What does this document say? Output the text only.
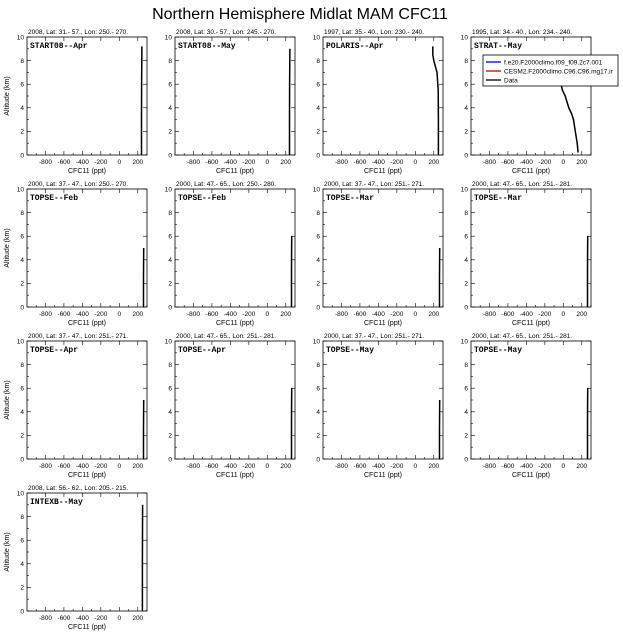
Northern Hemisphere Midlat MAM CFC11
2008, Lat: 31.- 57., Lon: 250.- 270.
-800 -600 -400 -200 0 200
0
2
4
6
8
10
CFC11 (ppt)
Altitude (km)
START08--Apr
2008, Lat: 30.- 57., Lon: 245.- 270.
-800 -600 -400 -200 0 200
0
2
4
6
8
10
CFC11 (ppt)
START08--May
1997, Lat: 35.- 40., Lon: 230.- 240.
-800 -600 -400 -200 0 200
0
2
4
6
8
10
CFC11 (ppt)
POLARIS--Apr
1995, Lat: 34.- 40., Lon: 234.- 240.
-800 -600 -400 -200 0 200
0
2
4
6
8
10
CFC11 (ppt)
STRAT--May
2000, Lat: 37.- 47., Lon: 250.- 270.
-800 -600 -400 -200 0 200
0
2
4
6
8
10
CFC11 (ppt)
Altitude (km)
TOPSE--Feb
2000, Lat: 47.- 65., Lon: 250.- 280.
-800 -600 -400 -200 0 200
0
2
4
6
8
10
CFC11 (ppt)
TOPSE--Feb
2000, Lat: 37.- 47., Lon: 251.- 271.
-800 -600 -400 -200 0 200
0
2
4
6
8
10
CFC11 (ppt)
TOPSE--Mar
2000, Lat: 47.- 65., Lon: 251.- 281.
-800 -600 -400 -200 0 200
0
2
4
6
8
10
CFC11 (ppt)
TOPSE--Mar
2000, Lat: 37.- 47., Lon: 251.- 271.
-800 -600 -400 -200 0 200
0
2
4
6
8
10
CFC11 (ppt)
Altitude (km)
TOPSE--Apr
2000, Lat: 47.- 65., Lon: 251.- 281.
-800 -600 -400 -200 0 200
0
2
4
6
8
10
CFC11 (ppt)
TOPSE--Apr
2000, Lat: 37.- 47., Lon: 251.- 271.
-800 -600 -400 -200 0 200
0
2
4
6
8
10
CFC11 (ppt)
TOPSE--May
2000, Lat: 47.- 65., Lon: 251.- 281.
-800 -600 -400 -200 0 200
0
2
4
6
8
10
CFC11 (ppt)
TOPSE--May
2008, Lat: 56.- 62., Lon: 205.- 215.
-800 -600 -400 -200 0 200
0
2
4
6
8
10
CFC11 (ppt)
Altitude (km)
INTEXB--May
f.e20.F2000climo.f09_f09.2c7.001
CESM2.F2000climo.C96.C96.mg17.ir
Data
